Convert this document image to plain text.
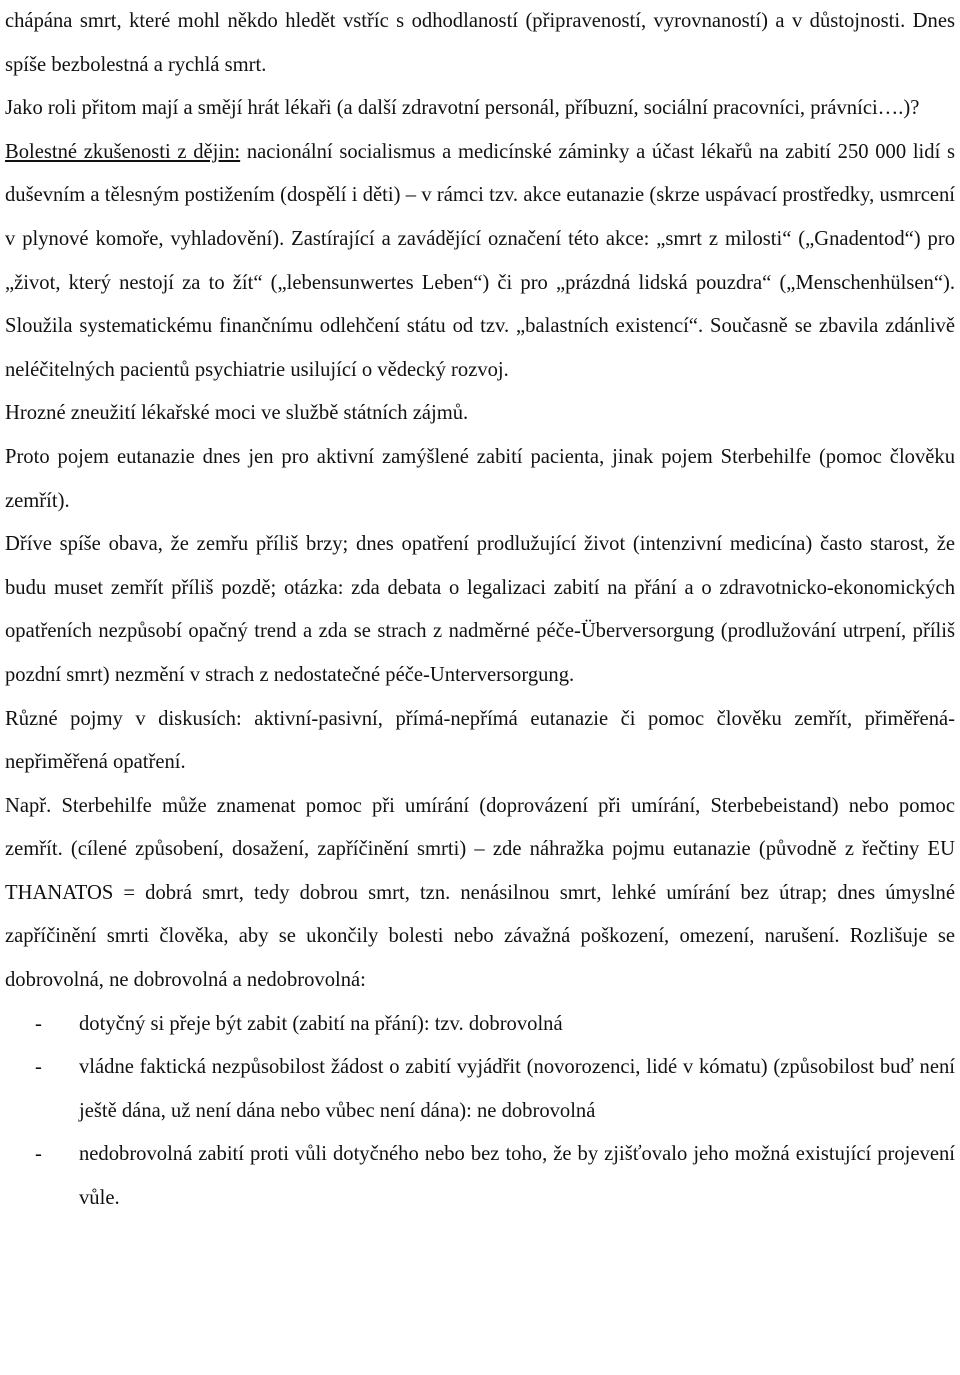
chápána smrt, které mohl někdo hledět vstříc s odhodlaností (připraveností, vyrovnaností) a v důstojnosti. Dnes spíše bezbolestná a rychlá smrt.

Jako roli přitom mají a smějí hrát lékaři (a další zdravotní personál, příbuzní, sociální pracovníci, právníci….)?

Bolestné zkušenosti z dějin: nacionální socialismus a medicínské záminky a účast lékařů na zabití 250 000 lidí s duševním a tělesným postižením (dospělí i děti) – v rámci tzv. akce eutanazie (skrze uspávací prostředky, usmrcení v plynové komoře, vyhladovění). Zastírající a zavádějící označení této akce: „smrt z milosti“ („Gnadentod“) pro „život, který nestojí za to žít“ („lebensunwertes Leben“) či pro „prázdná lidská pouzdra“ („Menschenhülsen“). Sloužila systematickému finančnímu odlehčení státu od tzv. „balastních existencí“. Současně se zbavila zdánlivě neléčitelných pacientů psychiatrie usilující o vědecký rozvoj.

Hrozné zneužití lékařské moci ve službě státních zájmů.

Proto pojem eutanazie dnes jen pro aktivní zamýšlené zabití pacienta, jinak pojem Sterbehilfe (pomoc člověku zemřít).

Dříve spíše obava, že zemřu příliš brzy; dnes opatření prodlužující život (intenzivní medicína) často starost, že budu muset zemřít příliš pozdě; otázka: zda debata o legalizaci zabití na přání a o zdravotnicko-ekonomických opatřeních nezpůsobí opačný trend a zda se strach z nadměrné péče-Überversorgung (prodlužování utrpení, příliš pozdní smrt) nezmění v strach z nedostatečné péče-Unterversorgung.

Různé pojmy v diskusích: aktivní-pasivní, přímá-nepřímá eutanazie či pomoc člověku zemřít, přiměřená-nepřiměřená opatření.

Např. Sterbehilfe může znamenat pomoc při umírání (doprovázení při umírání, Sterbebeistand) nebo pomoc zemřít. (cílené způsobení, dosažení, zapříčinění smrti) – zde náhražka pojmu eutanazie (původně z řečtiny EU THANATOS = dobrá smrt, tedy dobrou smrt, tzn. nenásilnou smrt, lehké umírání bez útrap; dnes úmyslné zapříčinění smrti člověka, aby se ukončily bolesti nebo závažná poškození, omezení, narušení. Rozlišuje se dobrovolná, ne dobrovolná a nedobrovolná:

- dotyčný si přeje být zabit (zabití na přání): tzv. dobrovolná
- vládne faktická nezpůsobilost žádost o zabití vyjádřit (novorozenci, lidé v kómatu) (způsobilost buď není ještě dána, už není dána nebo vůbec není dána): ne dobrovolná
- nedobrovolná zabití proti vůli dotyčného nebo bez toho, že by zjišťovalo jeho možná existující projevení vůle.
